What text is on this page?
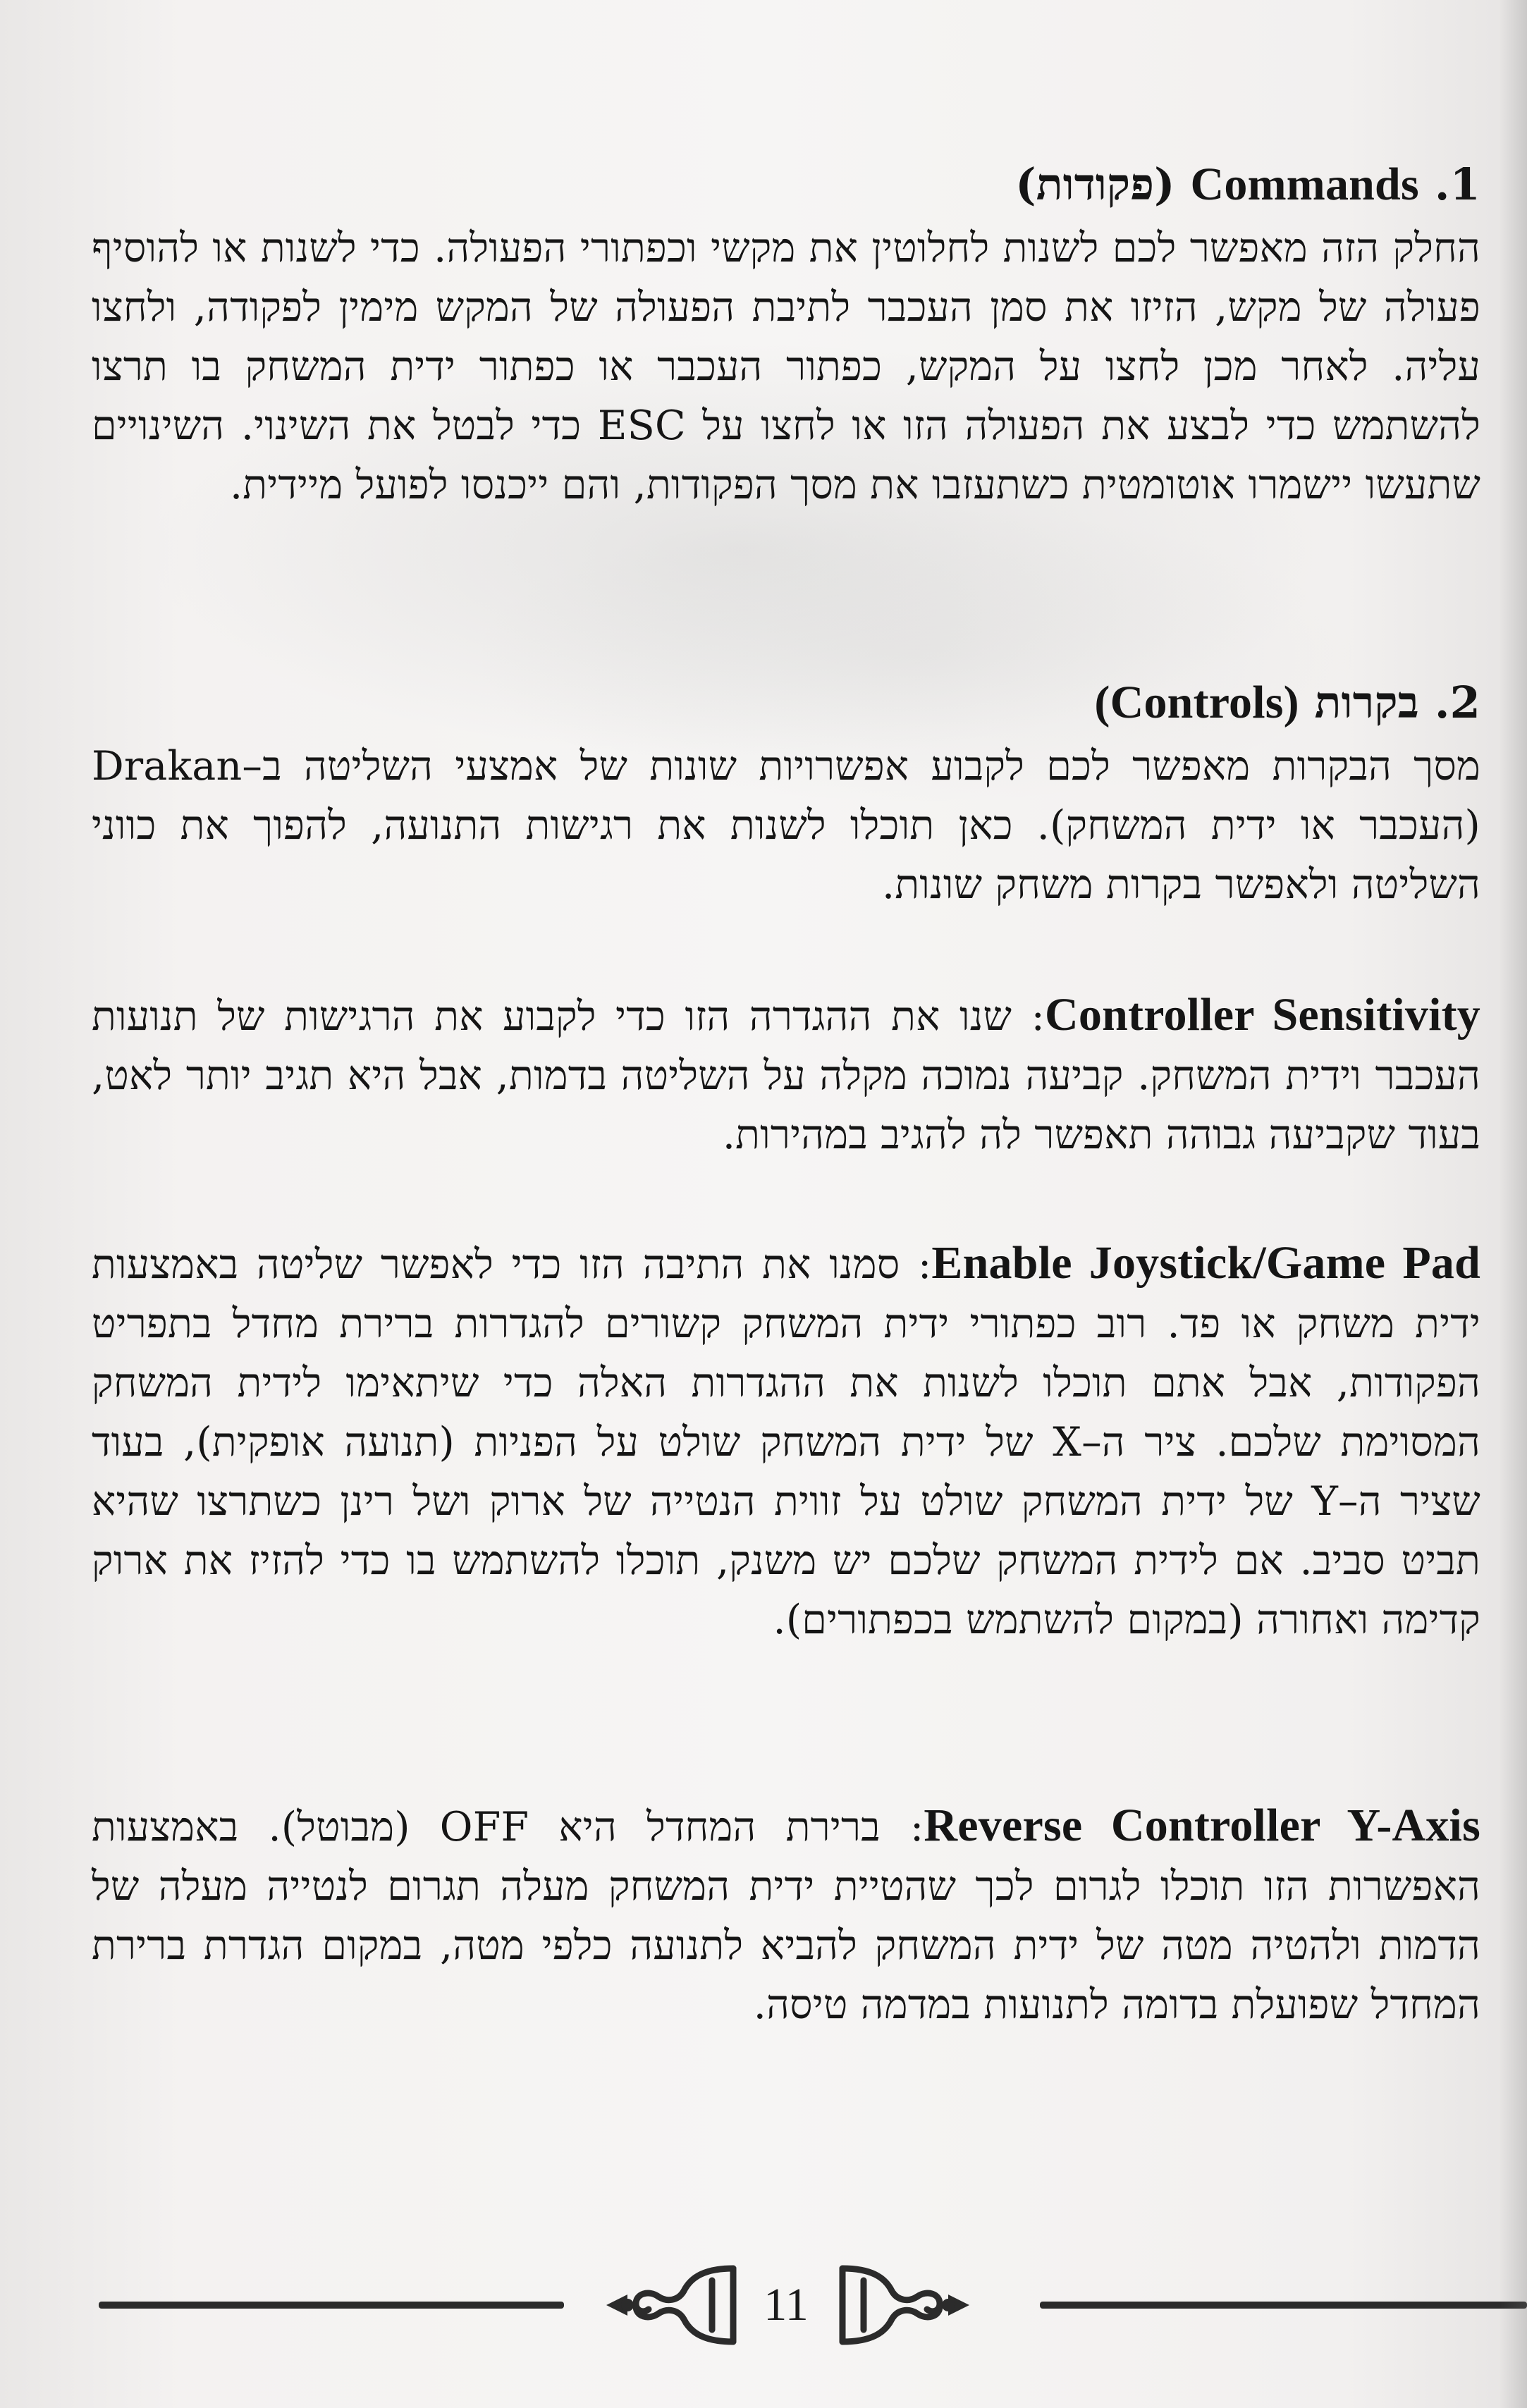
1.Commands (פקודות)
החלק הזה מאפשר לכם לשנות לחלוטין את מקשי וכפתורי הפעולה. כדי לשנות או להוסיף פעולה של מקש, הזיזו את סמן העכבר לתיבת הפעולה של המקש מימין לפקודה, ולחצו עליה. לאחר מכן לחצו על המקש, כפתור העכבר או כפתור ידית המשחק בו תרצו להשתמש כדי לבצע את הפעולה הזו או לחצו על ESC כדי לבטל את השינוי. השינויים שתעשו יישמרו אוטומטית כשתעזבו את מסך הפקודות, והם ייכנסו לפועל מיידית.
2.בקרות (Controls)
מסך הבקרות מאפשר לכם לקבוע אפשרויות שונות של אמצעי השליטה ב–Drakan (העכבר או ידית המשחק). כאן תוכלו לשנות את רגישות התנועה, להפוך את כווני השליטה ולאפשר בקרות משחק שונות.
Controller Sensitivity: שנו את ההגדרה הזו כדי לקבוע את הרגישות של תנועות העכבר וידית המשחק. קביעה נמוכה מקלה על השליטה בדמות, אבל היא תגיב יותר לאט, בעוד שקביעה גבוהה תאפשר לה להגיב במהירות.
Enable Joystick/Game Pad: סמנו את התיבה הזו כדי לאפשר שליטה באמצעות ידית משחק או פד. רוב כפתורי ידית המשחק קשורים להגדרות ברירת מחדל בתפריט הפקודות, אבל אתם תוכלו לשנות את ההגדרות האלה כדי שיתאימו לידית המשחק המסוימת שלכם. ציר ה–X של ידית המשחק שולט על הפניות (תנועה אופקית), בעוד שציר ה–Y של ידית המשחק שולט על זווית הנטייה של ארוק ושל רינן כשתרצו שהיא תביט סביב. אם לידית המשחק שלכם יש משנק, תוכלו להשתמש בו כדי להזיז את ארוק קדימה ואחורה (במקום להשתמש בכפתורים).
Reverse Controller Y-Axis: ברירת המחדל היא OFF (מבוטל). באמצעות האפשרות הזו תוכלו לגרום לכך שהטיית ידית המשחק מעלה תגרום לנטייה מעלה של הדמות ולהטיה מטה של ידית המשחק להביא לתנועה כלפי מטה, במקום הגדרת ברירת המחדל שפועלת בדומה לתנועות במדמה טיסה.
11
